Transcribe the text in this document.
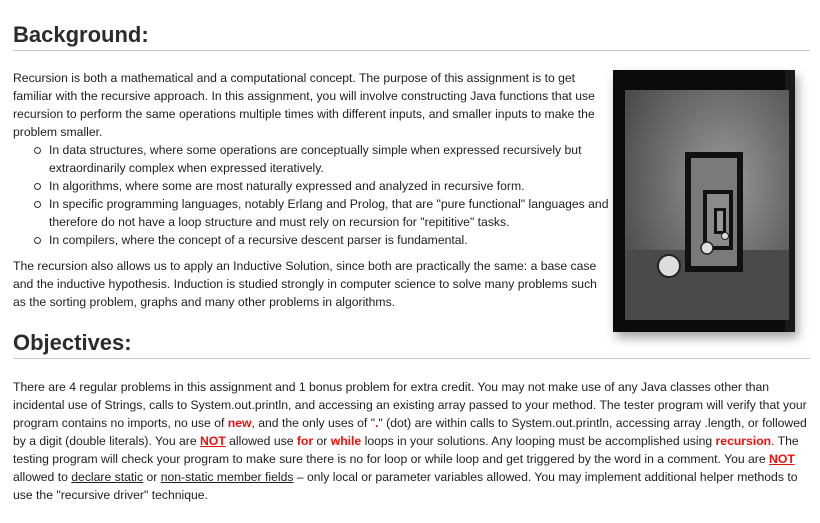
Background:
Recursion is both a mathematical and a computational concept. The purpose of this assignment is to get familiar with the recursive approach. In this assignment, you will involve constructing Java functions that use recursion to perform the same operations multiple times with different inputs, and smaller inputs to make the problem smaller.
In data structures, where some operations are conceptually simple when expressed recursively but extraordinarily complex when expressed iteratively.
In algorithms, where some are most naturally expressed and analyzed in recursive form.
In specific programming languages, notably Erlang and Prolog, that are "pure functional" languages and therefore do not have a loop structure and must rely on recursion for "repititive" tasks.
In compilers, where the concept of a recursive descent parser is fundamental.
The recursion also allows us to apply an Inductive Solution, since both are practically the same: a base case and the inductive hypothesis. Induction is studied strongly in computer science to solve many problems such as the sorting problem, graphs and many other problems in algorithms.
Objectives:
There are 4 regular problems in this assignment and 1 bonus problem for extra credit. You may not make use of any Java classes other than incidental use of Strings, calls to System.out.println, and accessing an existing array passed to your method. The tester program will verify that your program contains no imports, no use of new, and the only uses of "." (dot) are within calls to System.out.println, accessing array .length, or followed by a digit (double literals). You are NOT allowed use for or while loops in your solutions. Any looping must be accomplished using recursion. The testing program will check your program to make sure there is no for loop or while loop and get triggered by the word in a comment. You are NOT allowed to declare static or non-static member fields – only local or parameter variables allowed. You may implement additional helper methods to use the "recursive driver" technique.
